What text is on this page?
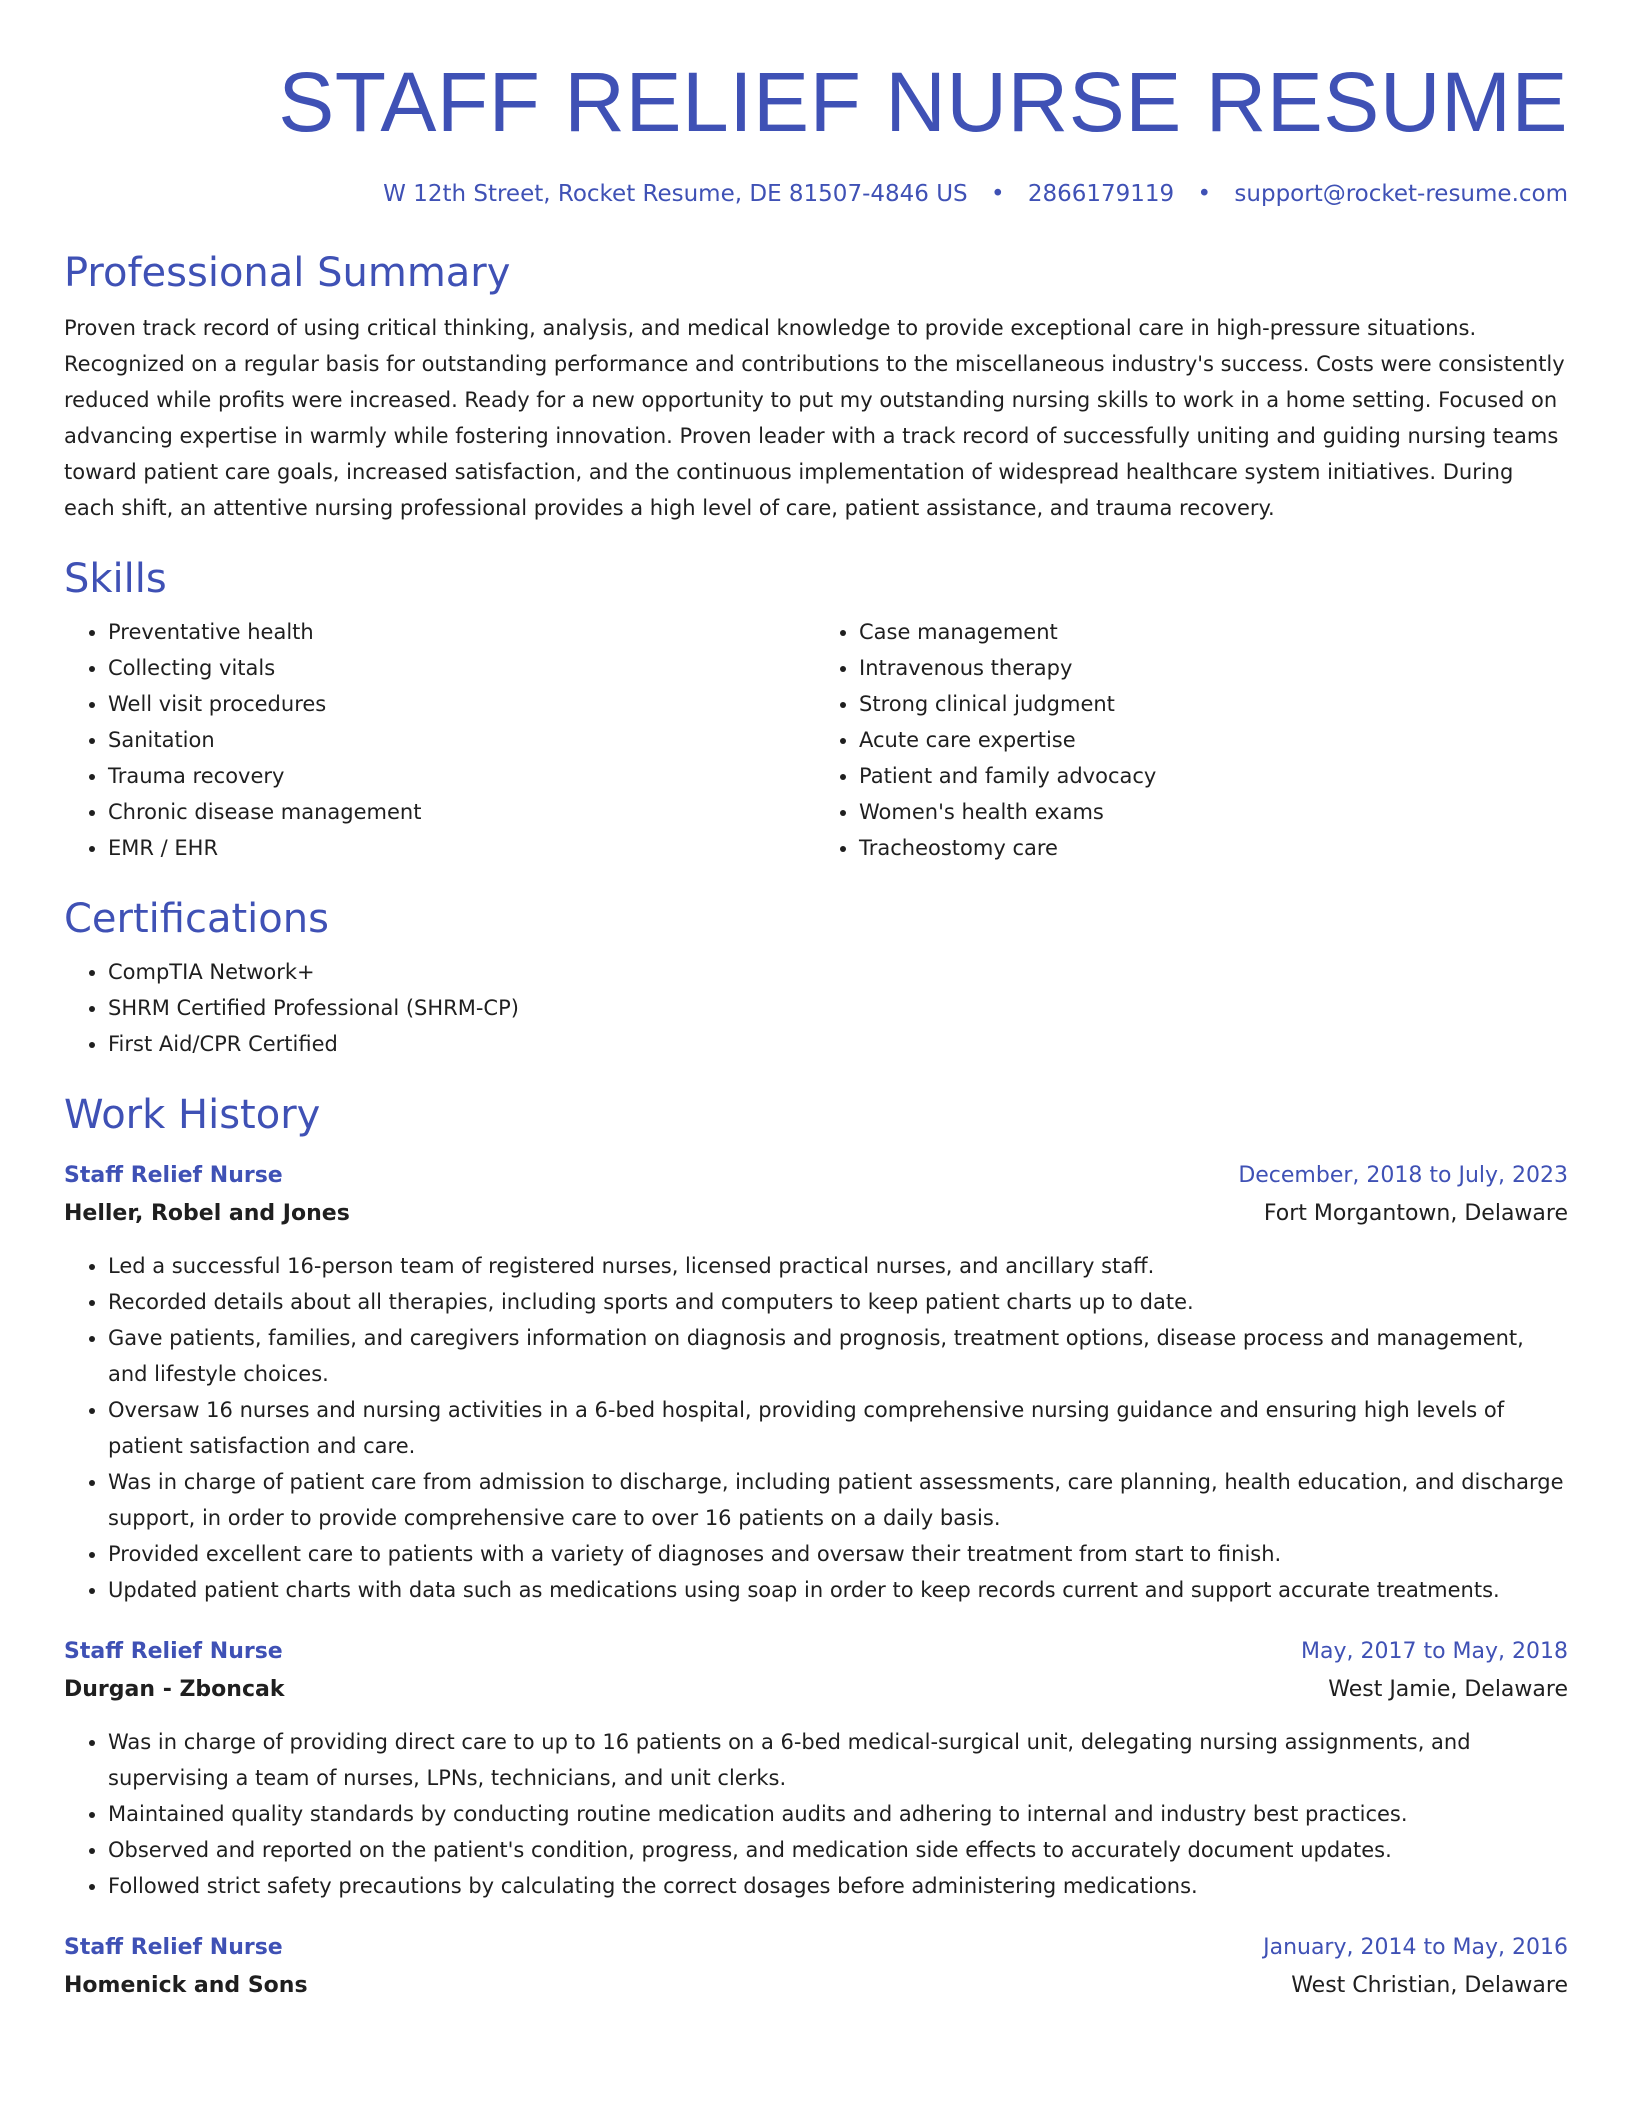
STAFF RELIEF NURSE RESUME
W 12th Street, Rocket Resume, DE 81507-4846 US • 2866179119 • support@rocket-resume.com
Professional Summary
Proven track record of using critical thinking, analysis, and medical knowledge to provide exceptional care in high-pressure situations. Recognized on a regular basis for outstanding performance and contributions to the miscellaneous industry's success. Costs were consistently reduced while profits were increased. Ready for a new opportunity to put my outstanding nursing skills to work in a home setting. Focused on advancing expertise in warmly while fostering innovation. Proven leader with a track record of successfully uniting and guiding nursing teams toward patient care goals, increased satisfaction, and the continuous implementation of widespread healthcare system initiatives. During each shift, an attentive nursing professional provides a high level of care, patient assistance, and trauma recovery.
Skills
• Preventative health
• Collecting vitals
• Well visit procedures
• Sanitation
• Trauma recovery
• Chronic disease management
• EMR / EHR
• Case management
• Intravenous therapy
• Strong clinical judgment
• Acute care expertise
• Patient and family advocacy
• Women's health exams
• Tracheostomy care
Certifications
• CompTIA Network+
• SHRM Certified Professional (SHRM-CP)
• First Aid/CPR Certified
Work History
Staff Relief Nurse	December, 2018 to July, 2023
Heller, Robel and Jones	Fort Morgantown, Delaware
• Led a successful 16-person team of registered nurses, licensed practical nurses, and ancillary staff.
• Recorded details about all therapies, including sports and computers to keep patient charts up to date.
• Gave patients, families, and caregivers information on diagnosis and prognosis, treatment options, disease process and management, and lifestyle choices.
• Oversaw 16 nurses and nursing activities in a 6-bed hospital, providing comprehensive nursing guidance and ensuring high levels of patient satisfaction and care.
• Was in charge of patient care from admission to discharge, including patient assessments, care planning, health education, and discharge support, in order to provide comprehensive care to over 16 patients on a daily basis.
• Provided excellent care to patients with a variety of diagnoses and oversaw their treatment from start to finish.
• Updated patient charts with data such as medications using soap in order to keep records current and support accurate treatments.
Staff Relief Nurse	May, 2017 to May, 2018
Durgan - Zboncak	West Jamie, Delaware
• Was in charge of providing direct care to up to 16 patients on a 6-bed medical-surgical unit, delegating nursing assignments, and supervising a team of nurses, LPNs, technicians, and unit clerks.
• Maintained quality standards by conducting routine medication audits and adhering to internal and industry best practices.
• Observed and reported on the patient's condition, progress, and medication side effects to accurately document updates.
• Followed strict safety precautions by calculating the correct dosages before administering medications.
Staff Relief Nurse	January, 2014 to May, 2016
Homenick and Sons	West Christian, Delaware
